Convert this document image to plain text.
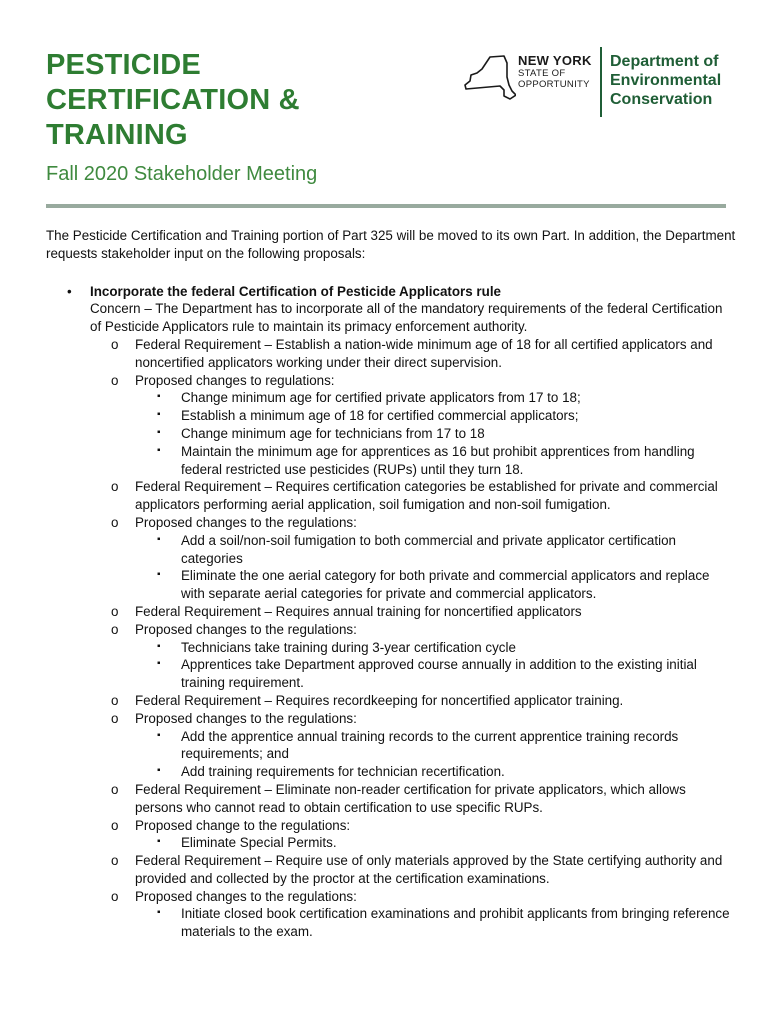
PESTICIDE
CERTIFICATION &
TRAINING
NEW YORK
STATE OF
OPPORTUNITY
Department of
Environmental
Conservation
Fall 2020 Stakeholder Meeting

The Pesticide Certification and Training portion of Part 325 will be moved to its own Part. In addition, the Department requests stakeholder input on the following proposals:

• Incorporate the federal Certification of Pesticide Applicators rule
Concern – The Department has to incorporate all of the mandatory requirements of the federal Certification of Pesticide Applicators rule to maintain its primacy enforcement authority.
o Federal Requirement – Establish a nation-wide minimum age of 18 for all certified applicators and noncertified applicators working under their direct supervision.
o Proposed changes to regulations:
▪ Change minimum age for certified private applicators from 17 to 18;
▪ Establish a minimum age of 18 for certified commercial applicators;
▪ Change minimum age for technicians from 17 to 18
▪ Maintain the minimum age for apprentices as 16 but prohibit apprentices from handling federal restricted use pesticides (RUPs) until they turn 18.
o Federal Requirement – Requires certification categories be established for private and commercial applicators performing aerial application, soil fumigation and non-soil fumigation.
o Proposed changes to the regulations:
▪ Add a soil/non-soil fumigation to both commercial and private applicator certification categories
▪ Eliminate the one aerial category for both private and commercial applicators and replace with separate aerial categories for private and commercial applicators.
o Federal Requirement – Requires annual training for noncertified applicators
o Proposed changes to the regulations:
▪ Technicians take training during 3-year certification cycle
▪ Apprentices take Department approved course annually in addition to the existing initial training requirement.
o Federal Requirement – Requires recordkeeping for noncertified applicator training.
o Proposed changes to the regulations:
▪ Add the apprentice annual training records to the current apprentice training records requirements; and
▪ Add training requirements for technician recertification.
o Federal Requirement – Eliminate non-reader certification for private applicators, which allows persons who cannot read to obtain certification to use specific RUPs.
o Proposed change to the regulations:
▪ Eliminate Special Permits.
o Federal Requirement – Require use of only materials approved by the State certifying authority and provided and collected by the proctor at the certification examinations.
o Proposed changes to the regulations:
▪ Initiate closed book certification examinations and prohibit applicants from bringing reference materials to the exam.
